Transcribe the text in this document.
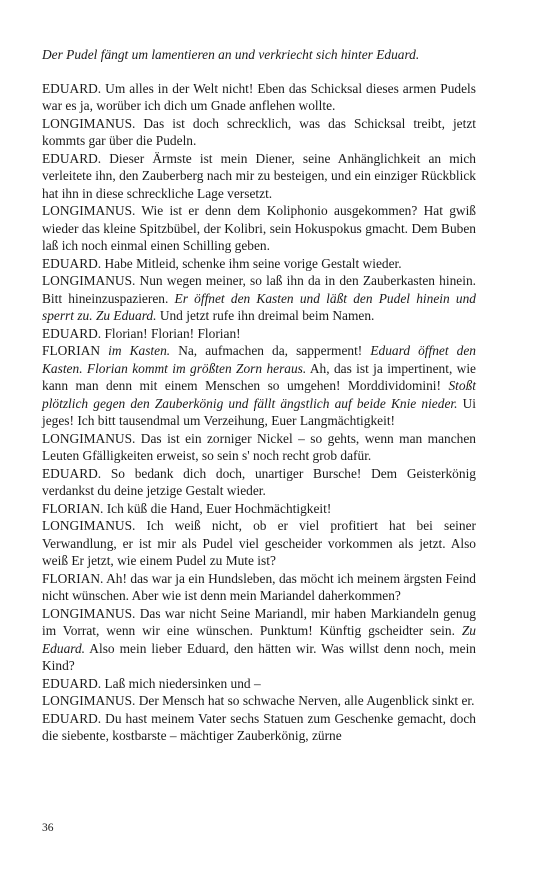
Der Pudel fängt um lamentieren an und verkriecht sich hinter Eduard.

EDUARD. Um alles in der Welt nicht! Eben das Schicksal dieses armen Pudels war es ja, worüber ich dich um Gnade anflehen wollte.

LONGIMANUS. Das ist doch schrecklich, was das Schicksal treibt, jetzt kommts gar über die Pudeln.

EDUARD. Dieser Ärmste ist mein Diener, seine Anhänglichkeit an mich verleitete ihn, den Zauberberg nach mir zu besteigen, und ein einziger Rückblick hat ihn in diese schreckliche Lage versetzt.

LONGIMANUS. Wie ist er denn dem Koliphonio ausgekommen? Hat gwiß wieder das kleine Spitzbübel, der Kolibri, sein Hokuspokus gmacht. Dem Buben laß ich noch einmal einen Schilling geben.

EDUARD. Habe Mitleid, schenke ihm seine vorige Gestalt wieder.

LONGIMANUS. Nun wegen meiner, so laß ihn da in den Zauberkasten hinein. Bitt hineinzuspazieren. Er öffnet den Kasten und läßt den Pudel hinein und sperrt zu. Zu Eduard. Und jetzt rufe ihn dreimal beim Namen.

EDUARD. Florian! Florian! Florian!

FLORIAN im Kasten. Na, aufmachen da, sapperment! Eduard öffnet den Kasten. Florian kommt im größten Zorn heraus. Ah, das ist ja impertinent, wie kann man denn mit einem Menschen so umgehen! Morddividomini! Stoßt plötzlich gegen den Zauberkönig und fällt ängstlich auf beide Knie nieder. Ui jeges! Ich bitt tausendmal um Verzeihung, Euer Langmächtigkeit!

LONGIMANUS. Das ist ein zorniger Nickel – so gehts, wenn man manchen Leuten Gfälligkeiten erweist, so sein s' noch recht grob dafür.

EDUARD. So bedank dich doch, unartiger Bursche! Dem Geisterkönig verdankst du deine jetzige Gestalt wieder.

FLORIAN. Ich küß die Hand, Euer Hochmächtigkeit!

LONGIMANUS. Ich weiß nicht, ob er viel profitiert hat bei seiner Verwandlung, er ist mir als Pudel viel gescheider vorkommen als jetzt. Also weiß Er jetzt, wie einem Pudel zu Mute ist?

FLORIAN. Ah! das war ja ein Hundsleben, das möcht ich meinem ärgsten Feind nicht wünschen. Aber wie ist denn mein Mariandel daherkommen?

LONGIMANUS. Das war nicht Seine Mariandl, mir haben Markiandeln genug im Vorrat, wenn wir eine wünschen. Punktum! Künftig gscheidter sein. Zu Eduard. Also mein lieber Eduard, den hätten wir. Was willst denn noch, mein Kind?

EDUARD. Laß mich niedersinken und –

LONGIMANUS. Der Mensch hat so schwache Nerven, alle Augenblick sinkt er.

EDUARD. Du hast meinem Vater sechs Statuen zum Geschenke gemacht, doch die siebente, kostbarste – mächtiger Zauberkönig, zürne

36
